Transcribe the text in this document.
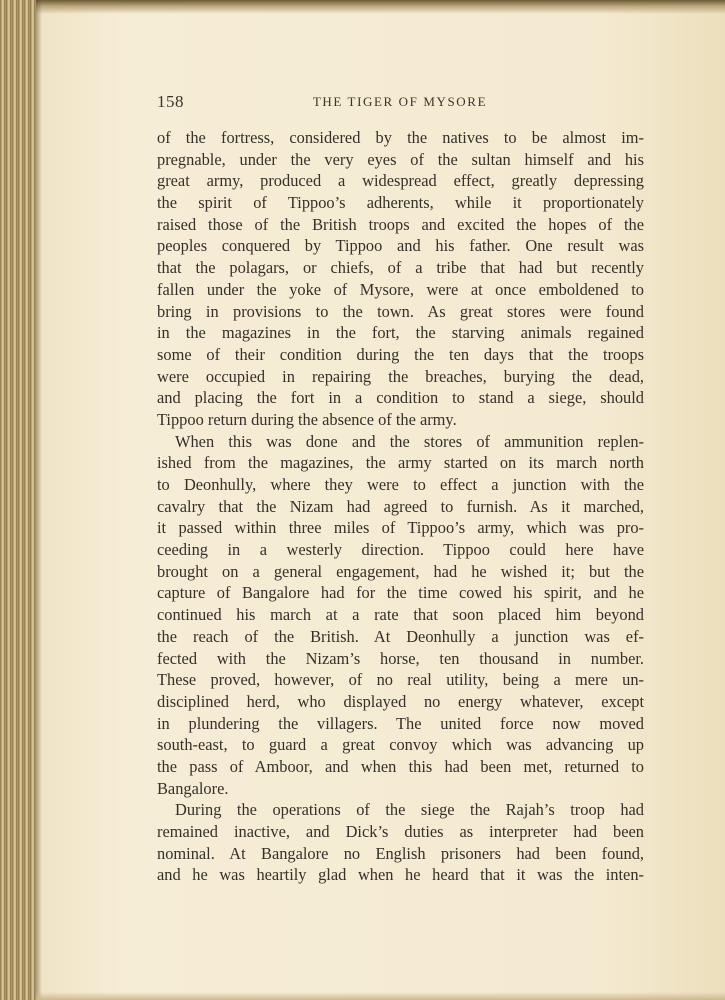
158	THE TIGER OF MYSORE
of the fortress, considered by the natives to be almost im-
pregnable, under the very eyes of the sultan himself and his
great army, produced a widespread effect, greatly depressing
the spirit of Tippoo’s adherents, while it proportionately
raised those of the British troops and excited the hopes of the
peoples conquered by Tippoo and his father. One result was
that the polagars, or chiefs, of a tribe that had but recently
fallen under the yoke of Mysore, were at once emboldened to
bring in provisions to the town. As great stores were found
in the magazines in the fort, the starving animals regained
some of their condition during the ten days that the troops
were occupied in repairing the breaches, burying the dead,
and placing the fort in a condition to stand a siege, should
Tippoo return during the absence of the army.
When this was done and the stores of ammunition replen-
ished from the magazines, the army started on its march north
to Deonhully, where they were to effect a junction with the
cavalry that the Nizam had agreed to furnish. As it marched,
it passed within three miles of Tippoo’s army, which was pro-
ceeding in a westerly direction. Tippoo could here have
brought on a general engagement, had he wished it; but the
capture of Bangalore had for the time cowed his spirit, and he
continued his march at a rate that soon placed him beyond
the reach of the British. At Deonhully a junction was ef-
fected with the Nizam’s horse, ten thousand in number.
These proved, however, of no real utility, being a mere un-
disciplined herd, who displayed no energy whatever, except
in plundering the villagers. The united force now moved
south-east, to guard a great convoy which was advancing up
the pass of Amboor, and when this had been met, returned to
Bangalore.
During the operations of the siege the Rajah’s troop had
remained inactive, and Dick’s duties as interpreter had been
nominal. At Bangalore no English prisoners had been found,
and he was heartily glad when he heard that it was the inten-
